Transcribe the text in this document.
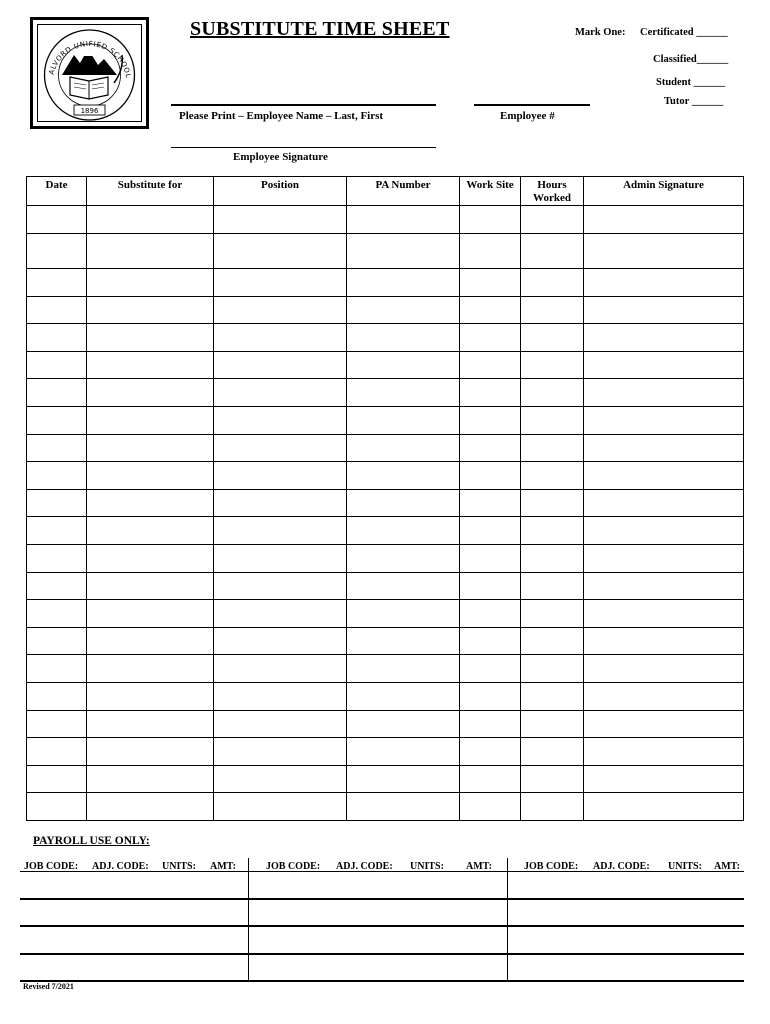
ALVORD UNIFIED SCHOOL
1896
SUBSTITUTE TIME SHEET	Mark One: Certificated ______
Classified______
Student ______
Tutor ______
Please Print – Employee Name – Last, First	Employee #
Employee Signature
Date	Substitute for	Position	PA Number	Work Site	Hours Worked	Admin Signature

PAYROLL USE ONLY:
JOB CODE: ADJ. CODE: UNITS: AMT:	JOB CODE: ADJ. CODE: UNITS: AMT:	JOB CODE: ADJ. CODE: UNITS: AMT:
Revised 7/2021
